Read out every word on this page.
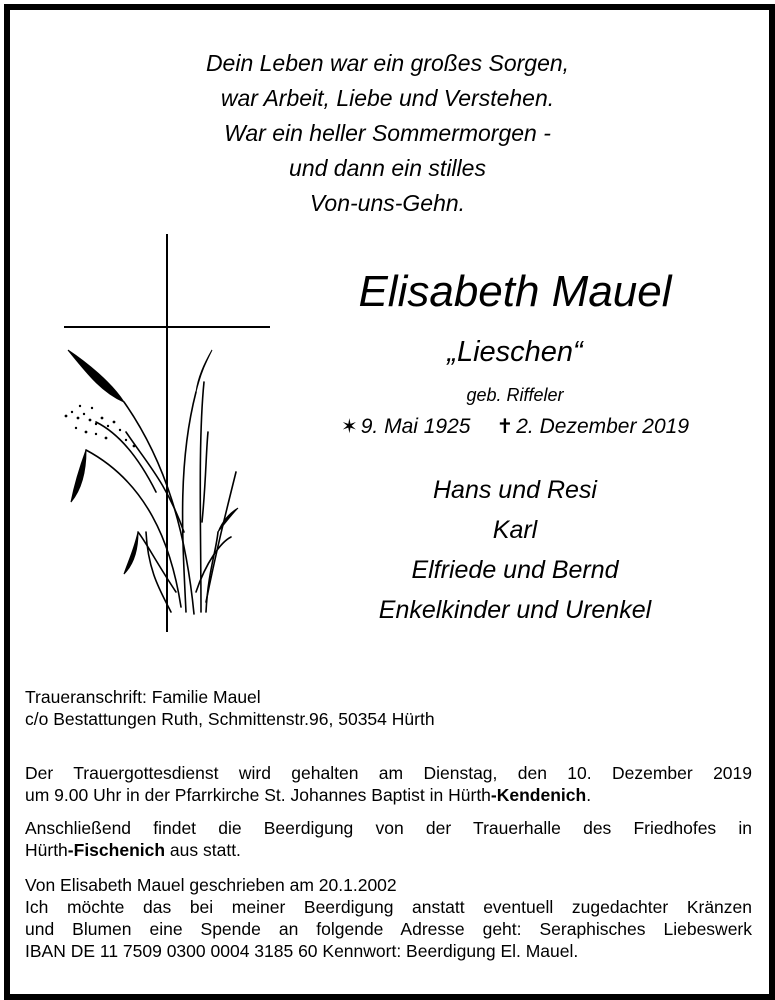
Dein Leben war ein großes Sorgen,
war Arbeit, Liebe und Verstehen.
War ein heller Sommermorgen -
und dann ein stilles
Von-uns-Gehn.
Elisabeth Mauel
„Lieschen“
geb. Riffeler
✶ 9. Mai 1925 ✝ 2. Dezember 2019
Hans und Resi
Karl
Elfriede und Bernd
Enkelkinder und Urenkel

Traueranschrift: Familie Mauel

c/o Bestattungen Ruth, Schmittenstr.96, 50354 Hürth

Der Trauergottesdienst wird gehalten am Dienstag, den 10. Dezember 2019

um 9.00 Uhr in der Pfarrkirche St. Johannes Baptist in Hürth-Kendenich.

Anschließend findet die Beerdigung von der Trauerhalle des Friedhofes in

Hürth-Fischenich aus statt.

Von Elisabeth Mauel geschrieben am 20.1.2002

Ich möchte das bei meiner Beerdigung anstatt eventuell zugedachter Kränzen

und Blumen eine Spende an folgende Adresse geht: Seraphisches Liebeswerk

IBAN DE 11 7509 0300 0004 3185 60 Kennwort: Beerdigung El. Mauel.
